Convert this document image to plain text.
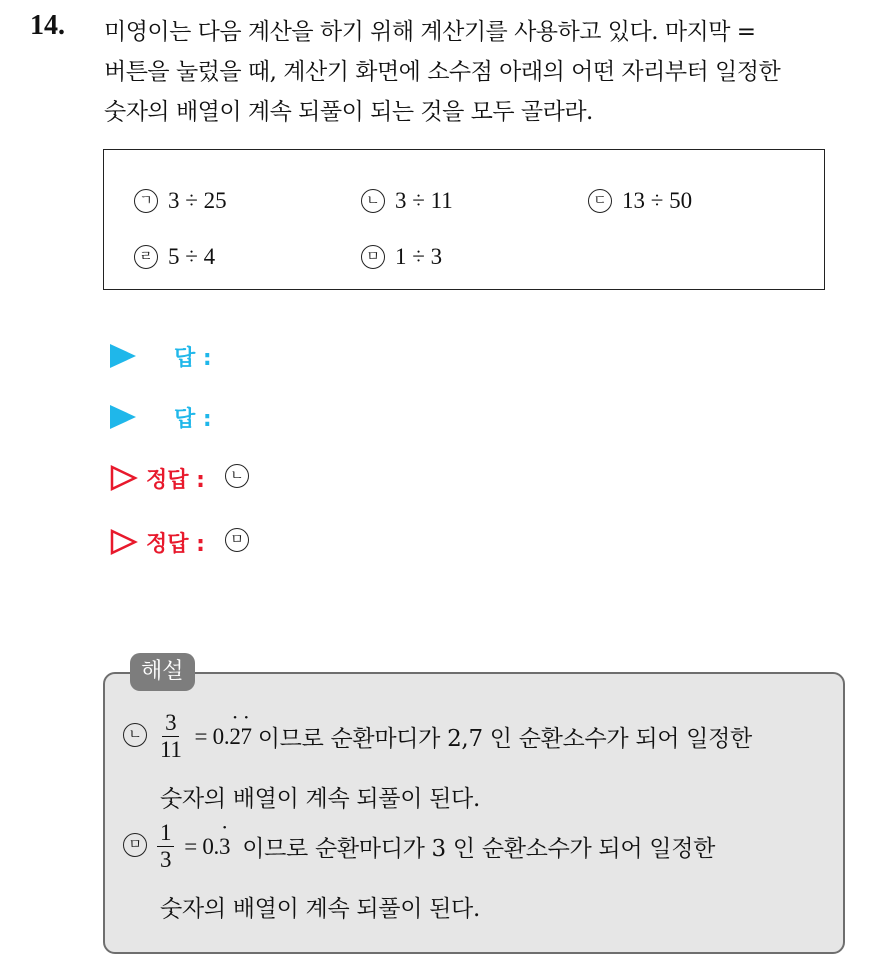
14. 미영이는 다음 계산을 하기 위해 계산기를 사용하고 있다. 마지막 =
버튼을 눌렀을 때, 계산기 화면에 소수점 아래의 어떤 자리부터 일정한
숫자의 배열이 계속 되풀이 되는 것을 모두 골라라.
ㄱ 3 ÷ 25	ㄴ 3 ÷ 11	ㄷ 13 ÷ 50
ㄹ 5 ÷ 4	ㅁ 1 ÷ 3
답 :
답 :
정답 :	ㄴ
정답 :	ㅁ
해설
ㄴ $\frac{3}{11} = 0$. • 2 • 7 이므로 순환마디가 2,7 인 순환소수가 되어 일정한
숫자의 배열이 계속 되풀이 된다.
ㅁ $\frac{1}{3} = 0$. • 3 이므로 순환마디가 3 인 순환소수가 되어 일정한
숫자의 배열이 계속 되풀이 된다.
